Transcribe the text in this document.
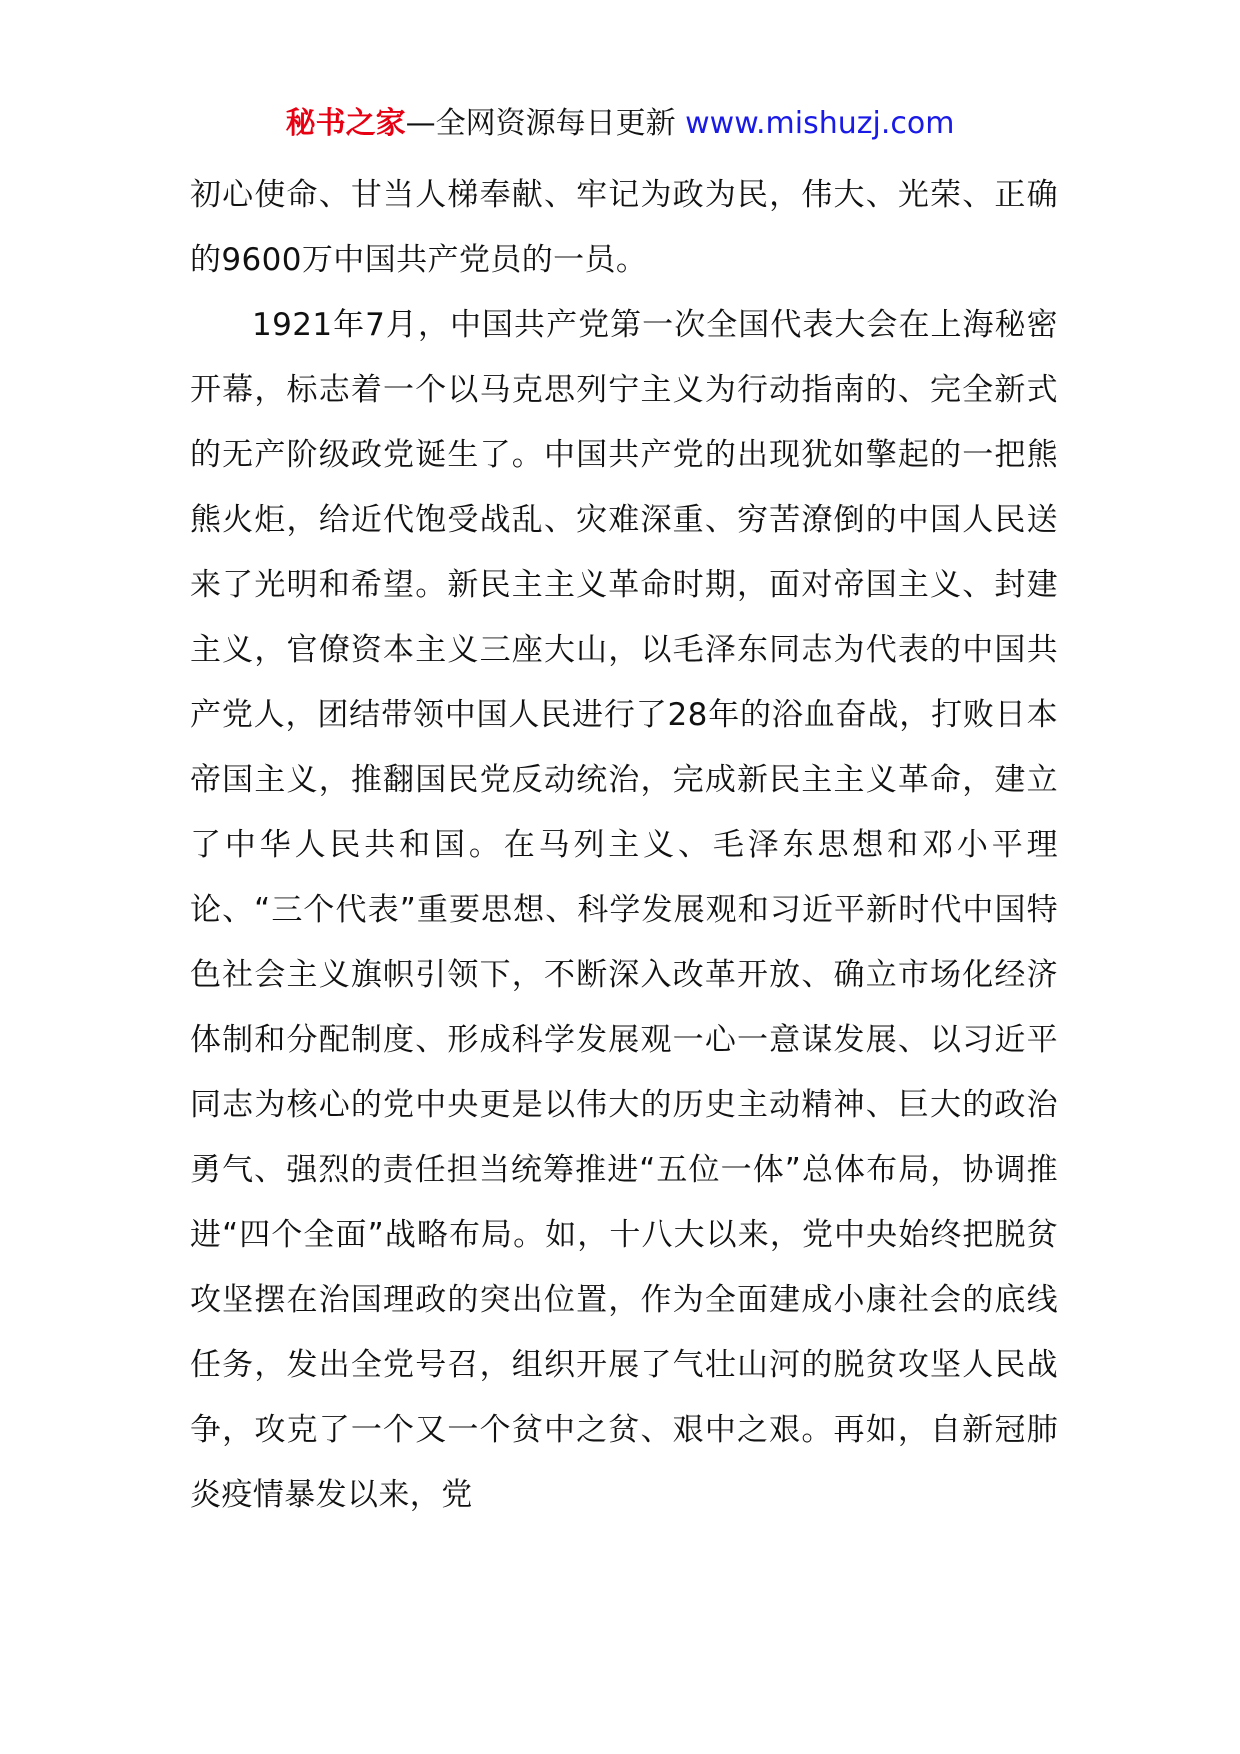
秘书之家—全网资源每日更新 www.mishuzj.com

初心使命、甘当人梯奉献、牢记为政为民，伟大、光荣、正确的9600万中国共产党员的一员。

1921年7月，中国共产党第一次全国代表大会在上海秘密开幕，标志着一个以马克思列宁主义为行动指南的、完全新式的无产阶级政党诞生了。中国共产党的出现犹如擎起的一把熊熊火炬，给近代饱受战乱、灾难深重、穷苦潦倒的中国人民送来了光明和希望。新民主主义革命时期，面对帝国主义、封建主义，官僚资本主义三座大山，以毛泽东同志为代表的中国共产党人，团结带领中国人民进行了28年的浴血奋战，打败日本帝国主义，推翻国民党反动统治，完成新民主主义革命，建立了中华人民共和国。在马列主义、毛泽东思想和邓小平理论、“三个代表”重要思想、科学发展观和习近平新时代中国特色社会主义旗帜引领下，不断深入改革开放、确立市场化经济体制和分配制度、形成科学发展观一心一意谋发展、以习近平同志为核心的党中央更是以伟大的历史主动精神、巨大的政治勇气、强烈的责任担当统筹推进“五位一体”总体布局，协调推进“四个全面”战略布局。如，十八大以来，党中央始终把脱贫攻坚摆在治国理政的突出位置，作为全面建成小康社会的底线任务，发出全党号召，组织开展了气壮山河的脱贫攻坚人民战争，攻克了一个又一个贫中之贫、艰中之艰。再如，自新冠肺炎疫情暴发以来，党
